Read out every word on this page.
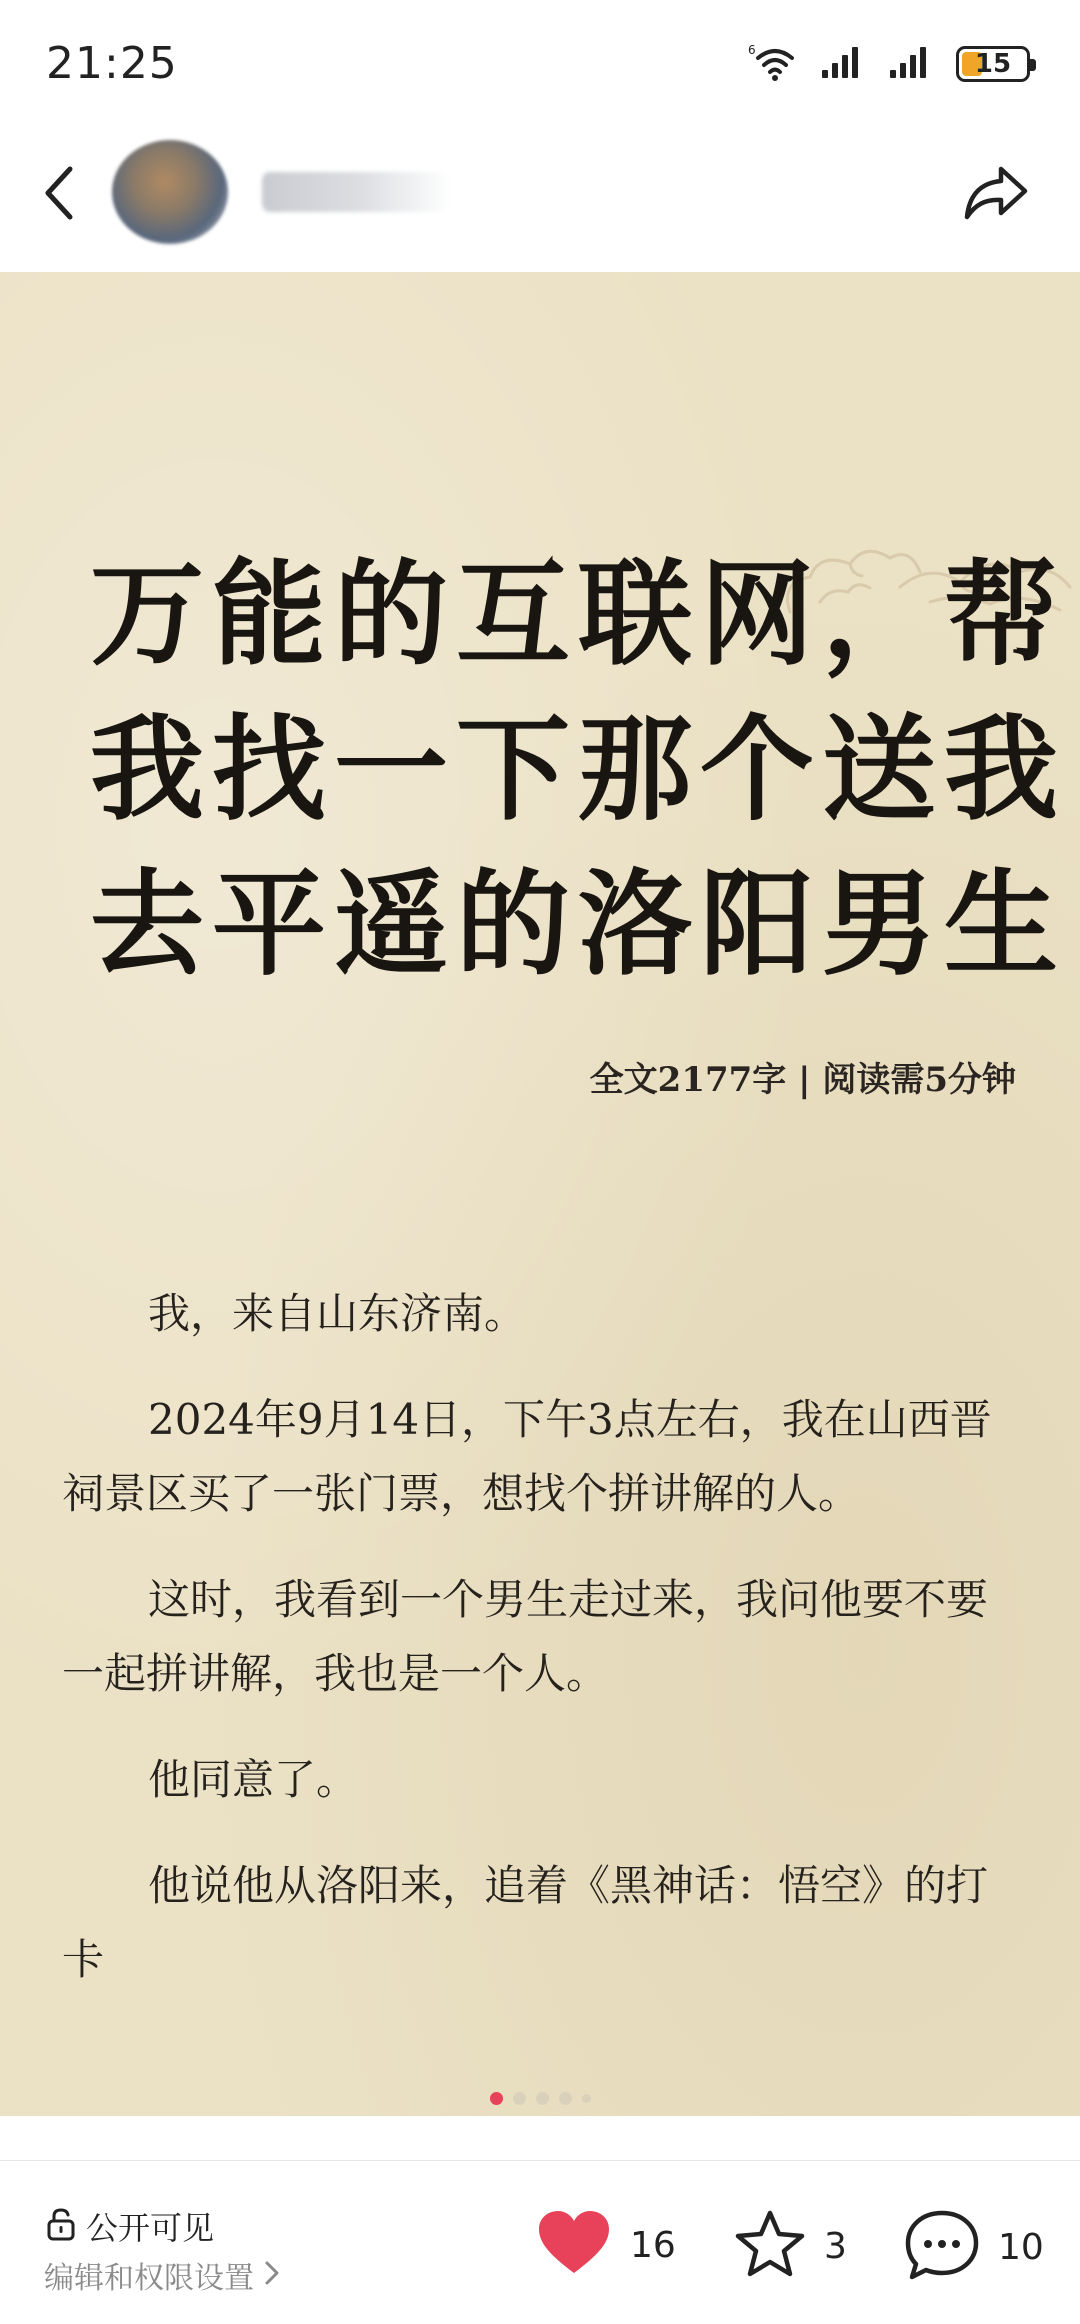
21:25	6	15
万能的互联网，帮
我找一下那个送我
去平遥的洛阳男生
全文2177字 | 阅读需5分钟

我，来自山东济南。

2024年9月14日，下午3点左右，我在山西晋祠景区买了一张门票，想找个拼讲解的人。

这时，我看到一个男生走过来，我问他要不要一起拼讲解，我也是一个人。

他同意了。

他说他从洛阳来，追着《黑神话：悟空》的打卡

公开可见
编辑和权限设置
16	3	10
